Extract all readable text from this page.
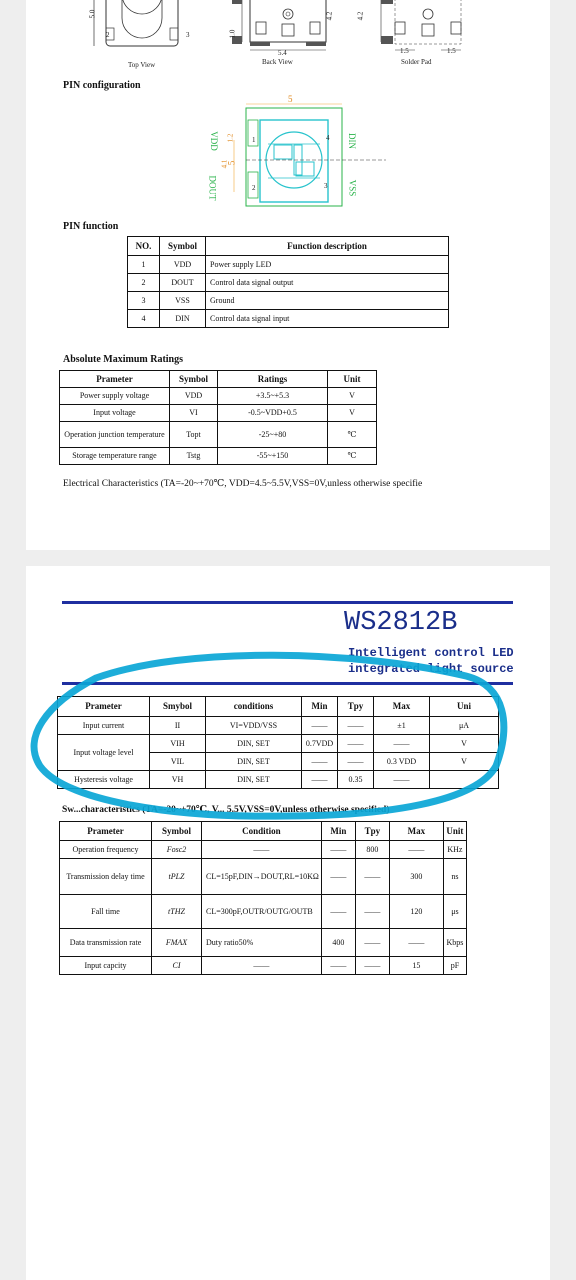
5.0
2	3
Top View
4.2
1.0
5.4
Back View
4.2
1.5	1.5
Solder Pad
PIN configuration
5
5
1.2
4.1
VDD
DOUT
DIN
VSS
1	4
2	3
PIN function
NO.	Symbol	Function description
1	VDD	Power supply LED
2	DOUT	Control data signal output
3	VSS	Ground
4	DIN	Control data signal input
Absolute Maximum Ratings
Prameter	Symbol	Ratings	Unit
Power supply voltage	VDD	+3.5~+5.3	V
Input voltage	VI	-0.5~VDD+0.5	V
Operation junction temperature	Topt	-25~+80	℃
Storage temperature range	Tstg	-55~+150	℃
Electrical Characteristics (TA=-20~+70℃, VDD=4.5~5.5V,VSS=0V,unless otherwise specifie
WS2812B
Intelligent control LED
integrated light source
Prameter	Smybol	conditions	Min	Tpy	Max	Uni
Input current	II	VI=VDD/VSS	——	——	±1	μA
Input voltage level	VIH	DIN, SET	0.7VDD	——	——	V
	VIL	DIN, SET	——	——	0.3 VDD	V
Hysteresis voltage	VH	DIN, SET	——	0.35	——	
Sw...characteristics (TA=-20~+70℃, V... 5.5V,VSS=0V,unless otherwise specified)
Prameter	Symbol	Condition	Min	Tpy	Max	Unit
Operation frequency	Fosc2	——	——	800	——	KHz
Transmission delay time	tPLZ	CL=15pF,DIN→DOUT,RL=10KΩ	——	——	300	ns
Fall time	tTHZ	CL=300pF,OUTR/OUTG/OUTB	——	——	120	μs
Data transmission rate	FMAX	Duty ratio50%	400	——	——	Kbps
Input capcity	CI	——	——	——	15	pF
